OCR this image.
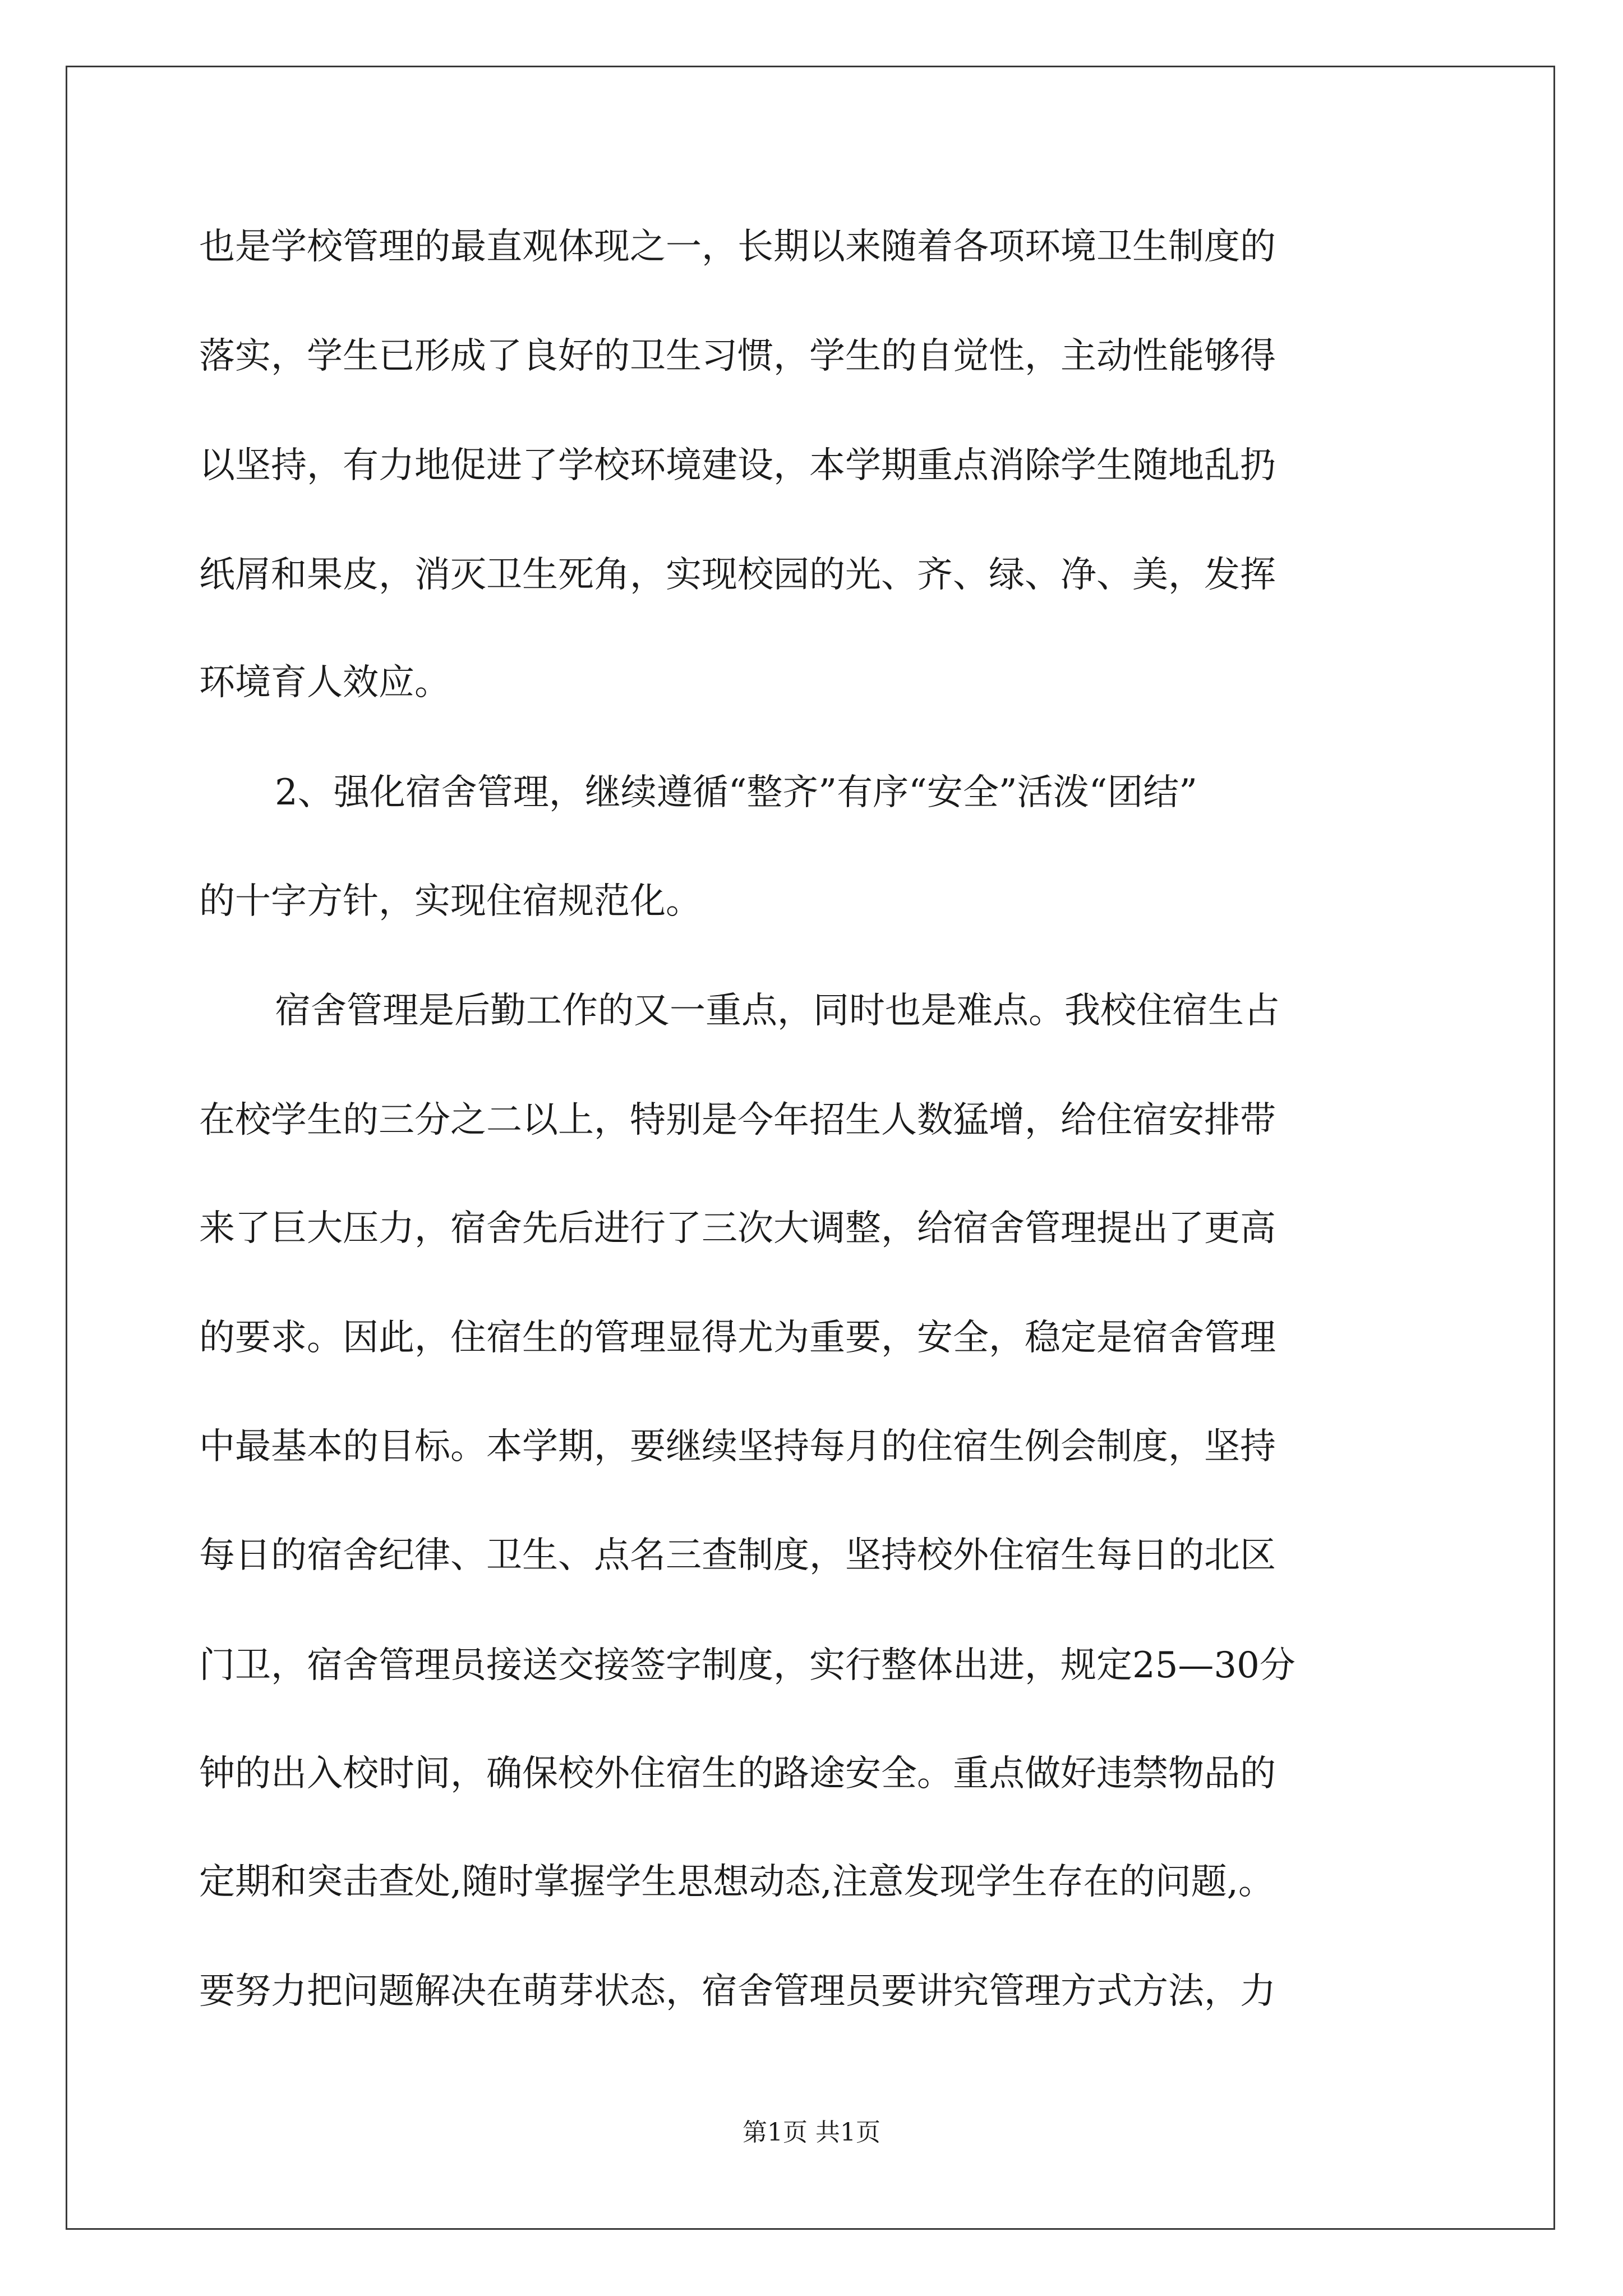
也是学校管理的最直观体现之一，长期以来随着各项环境卫生制度的

落实，学生已形成了良好的卫生习惯，学生的自觉性，主动性能够得

以坚持，有力地促进了学校环境建设，本学期重点消除学生随地乱扔

纸屑和果皮，消灭卫生死角，实现校园的光、齐、绿、净、美，发挥

环境育人效应。

2、强化宿舍管理，继续遵循“整齐”有序“安全”活泼“团结”

的十字方针，实现住宿规范化。

宿舍管理是后勤工作的又一重点，同时也是难点。我校住宿生占

在校学生的三分之二以上，特别是今年招生人数猛增，给住宿安排带

来了巨大压力，宿舍先后进行了三次大调整，给宿舍管理提出了更高

的要求。因此，住宿生的管理显得尤为重要，安全，稳定是宿舍管理

中最基本的目标。本学期，要继续坚持每月的住宿生例会制度，坚持

每日的宿舍纪律、卫生、点名三查制度，坚持校外住宿生每日的北区

门卫，宿舍管理员接送交接签字制度，实行整体出进，规定25—30分

钟的出入校时间，确保校外住宿生的路途安全。重点做好违禁物品的

定期和突击查处,随时掌握学生思想动态,注意发现学生存在的问题,。

要努力把问题解决在萌芽状态，宿舍管理员要讲究管理方式方法，力

第1页 共1页
